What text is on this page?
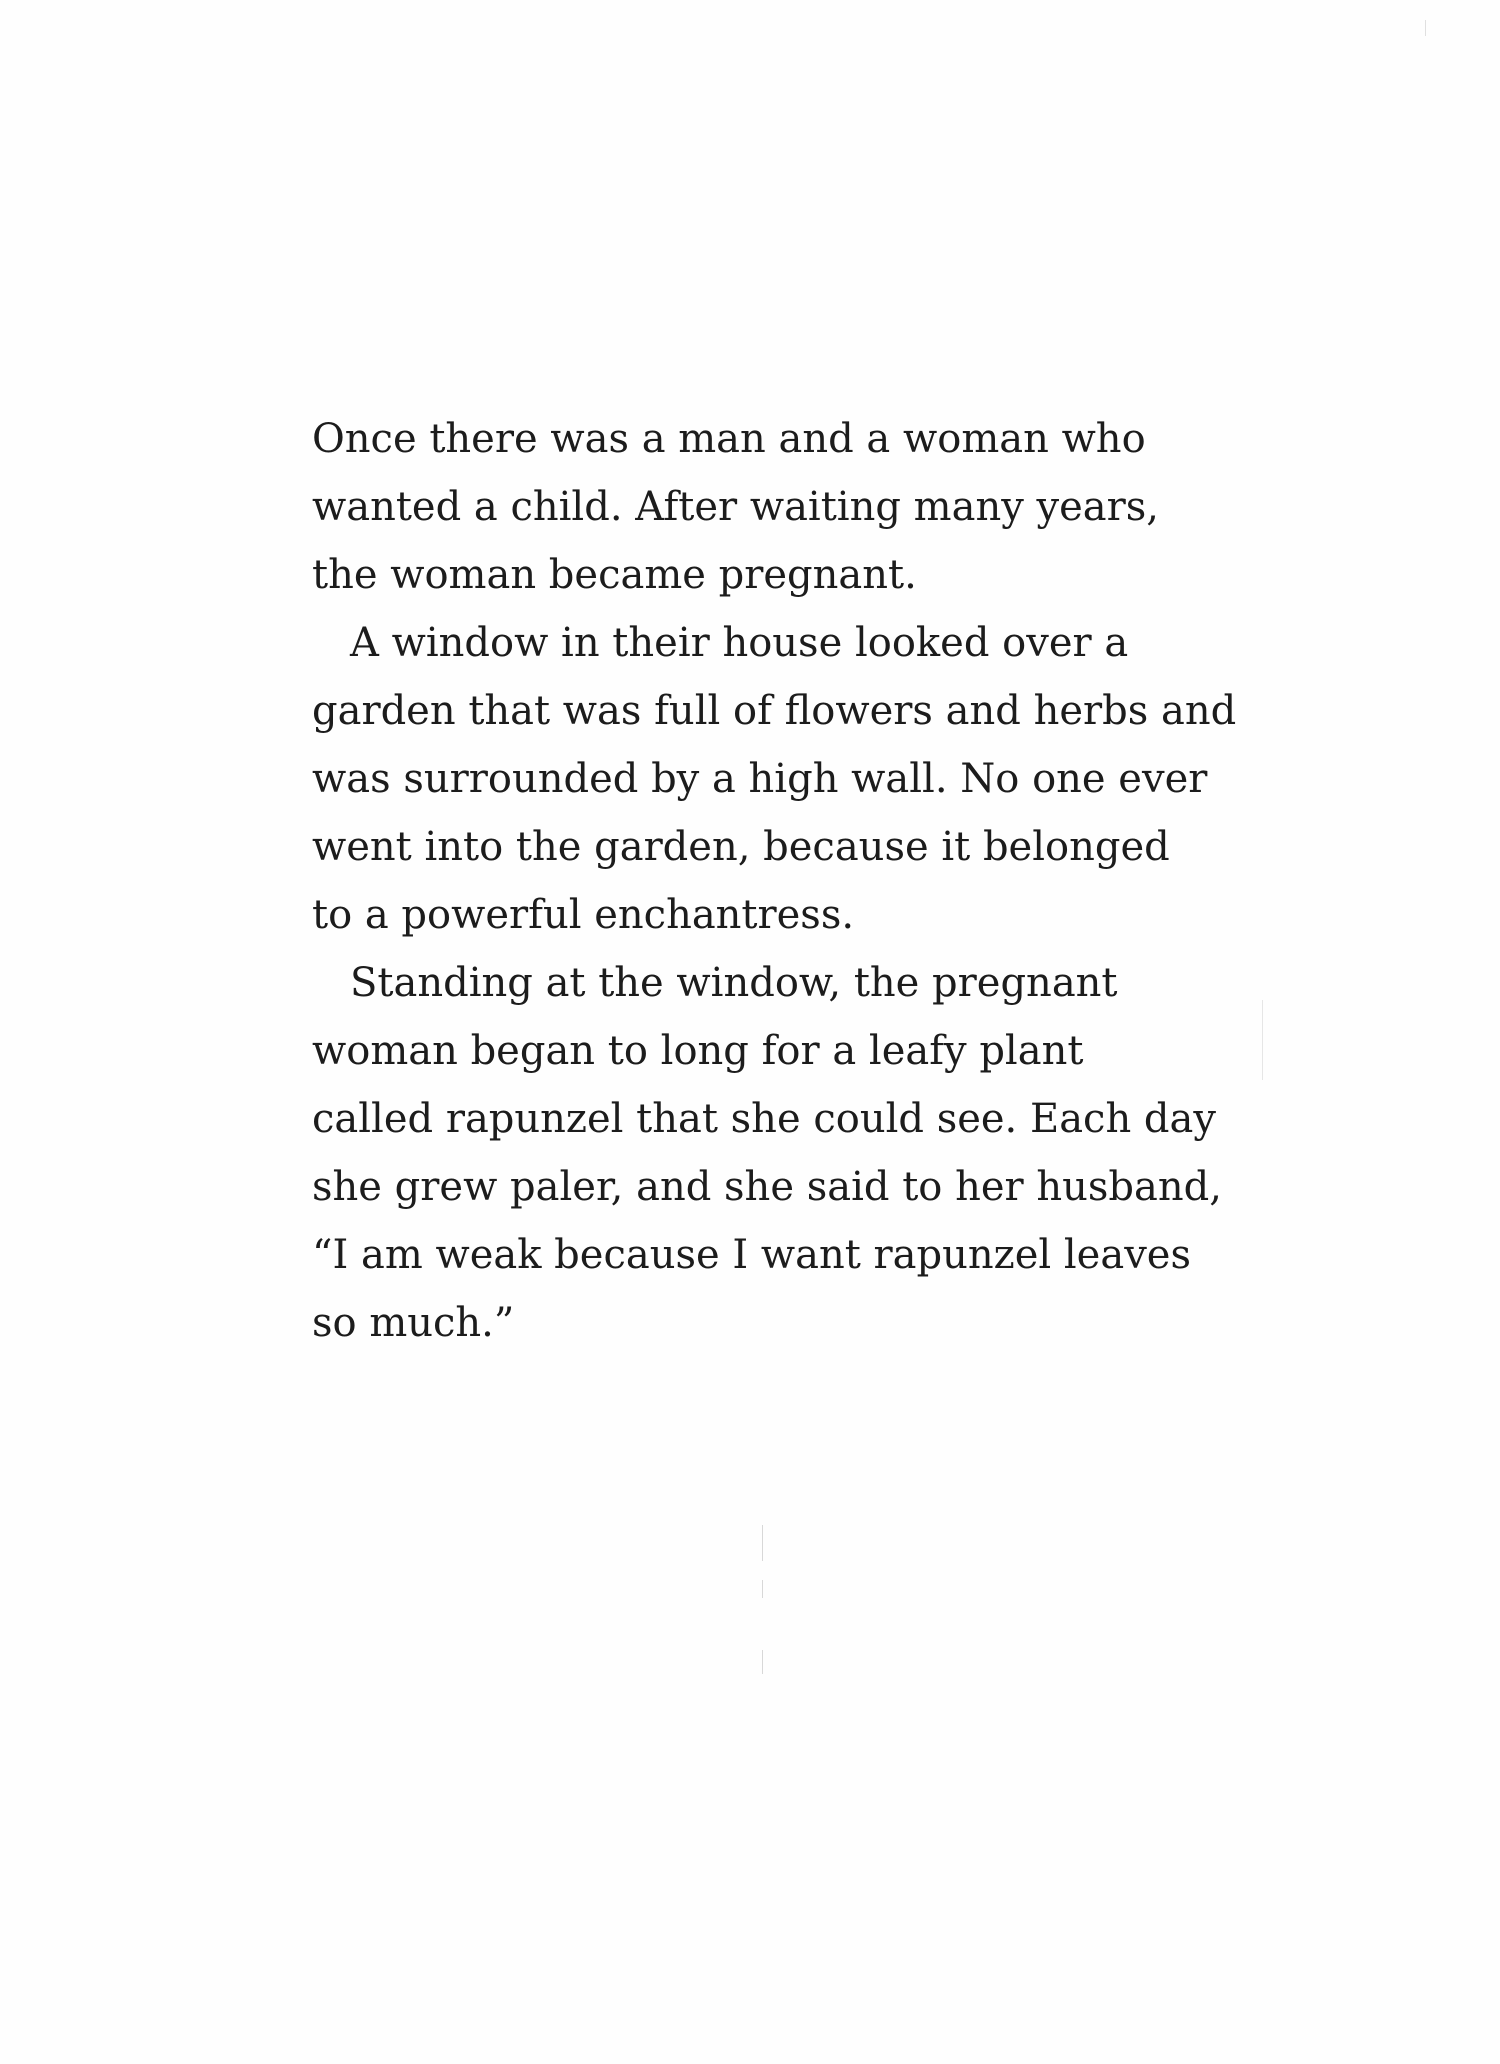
Once there was a man and a woman who
wanted a child. After waiting many years,
the woman became pregnant.
A window in their house looked over a
garden that was full of flowers and herbs and
was surrounded by a high wall. No one ever
went into the garden, because it belonged
to a powerful enchantress.
Standing at the window, the pregnant
woman began to long for a leafy plant
called rapunzel that she could see. Each day
she grew paler, and she said to her husband,
“I am weak because I want rapunzel leaves
so much.”
